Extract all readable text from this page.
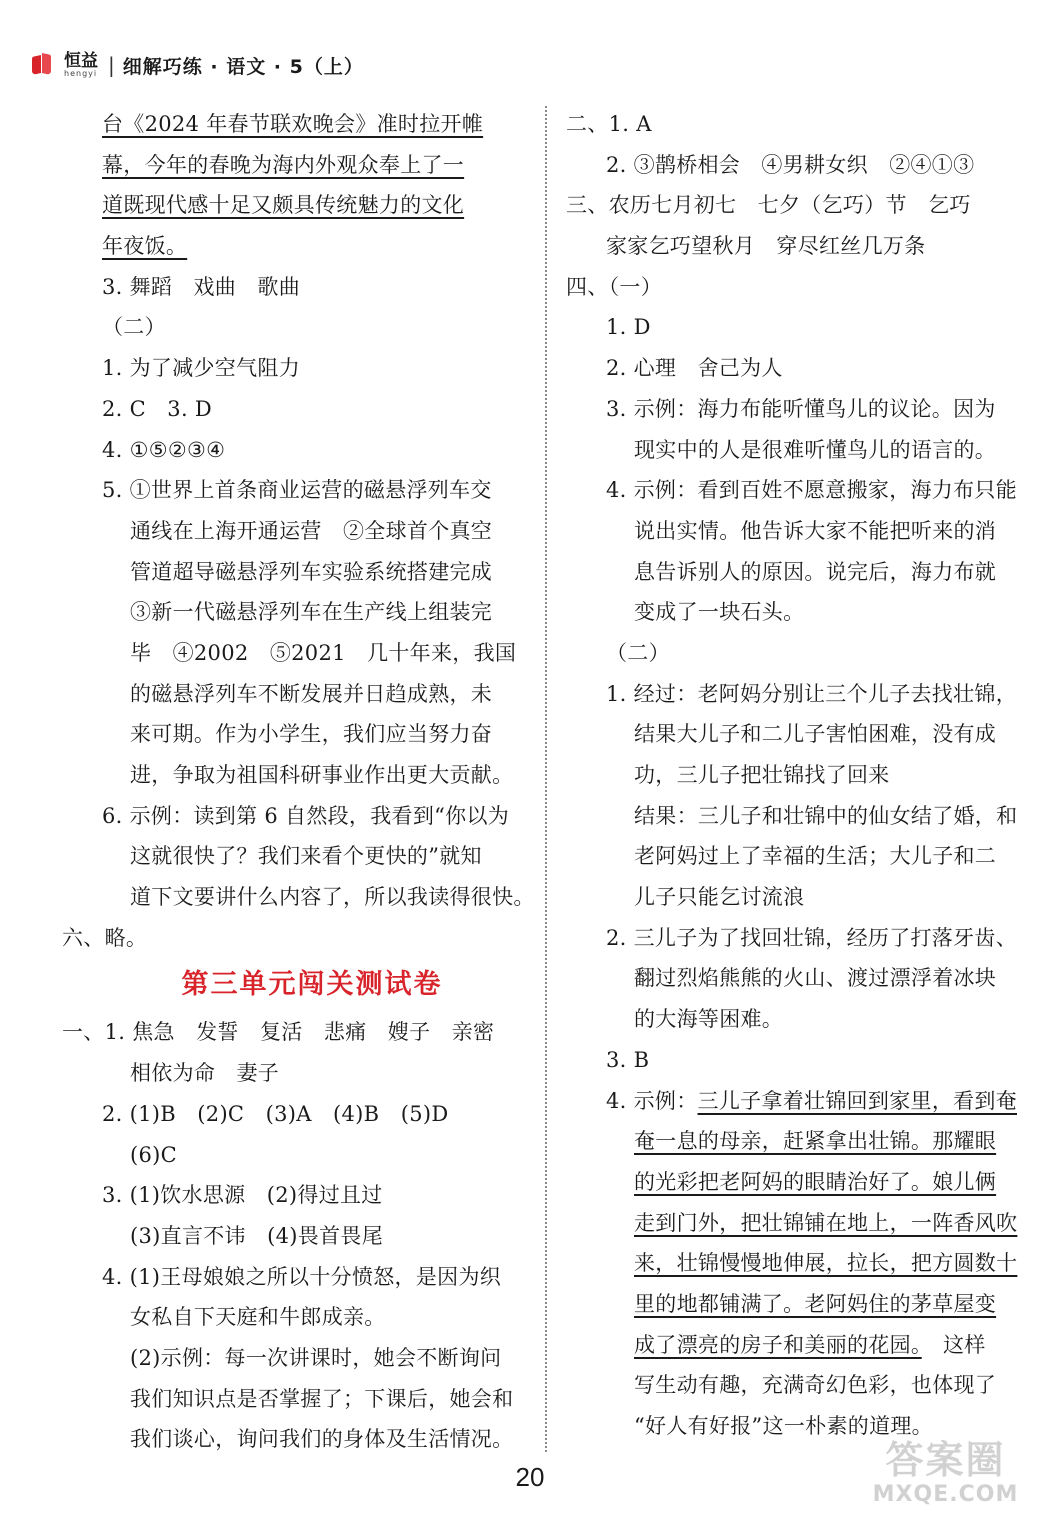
恒益
hengyi | 细解巧练 · 语文 · 5（上）
台《2024 年春节联欢晚会》准时拉开帷
幕，今年的春晚为海内外观众奉上了一
道既现代感十足又颇具传统魅力的文化
年夜饭。
3. 舞蹈　戏曲　歌曲
（二）
1. 为了减少空气阻力
2. C　3. D
4. ①⑤②③④
5. ①世界上首条商业运营的磁悬浮列车交
通线在上海开通运营　②全球首个真空
管道超导磁悬浮列车实验系统搭建完成
③新一代磁悬浮列车在生产线上组装完
毕　④2002　⑤2021　几十年来，我国
的磁悬浮列车不断发展并日趋成熟，未
来可期。作为小学生，我们应当努力奋
进，争取为祖国科研事业作出更大贡献。
6. 示例：读到第 6 自然段，我看到“你以为
这就很快了？我们来看个更快的”就知
道下文要讲什么内容了，所以我读得很快。
六、略。
第三单元闯关测试卷
一、1. 焦急　发誓　复活　悲痛　嫂子　亲密
相依为命　妻子
2. (1)B　(2)C　(3)A　(4)B　(5)D
(6)C
3. (1)饮水思源　(2)得过且过
(3)直言不讳　(4)畏首畏尾
4. (1)王母娘娘之所以十分愤怒，是因为织
女私自下天庭和牛郎成亲。
(2)示例：每一次讲课时，她会不断询问
我们知识点是否掌握了；下课后，她会和
我们谈心，询问我们的身体及生活情况。
二、1. A
2. ③鹊桥相会　④男耕女织　②④①③
三、农历七月初七　七夕（乞巧）节　乞巧
家家乞巧望秋月　穿尽红丝几万条
四、（一）
1. D
2. 心理　舍己为人
3. 示例：海力布能听懂鸟儿的议论。因为
现实中的人是很难听懂鸟儿的语言的。
4. 示例：看到百姓不愿意搬家，海力布只能
说出实情。他告诉大家不能把听来的消
息告诉别人的原因。说完后，海力布就
变成了一块石头。
（二）
1. 经过：老阿妈分别让三个儿子去找壮锦，
结果大儿子和二儿子害怕困难，没有成
功，三儿子把壮锦找了回来
结果：三儿子和壮锦中的仙女结了婚，和
老阿妈过上了幸福的生活；大儿子和二
儿子只能乞讨流浪
2. 三儿子为了找回壮锦，经历了打落牙齿、
翻过烈焰熊熊的火山、渡过漂浮着冰块
的大海等困难。
3. B
4. 示例：三儿子拿着壮锦回到家里，看到奄
奄一息的母亲，赶紧拿出壮锦。那耀眼
的光彩把老阿妈的眼睛治好了。娘儿俩
走到门外，把壮锦铺在地上，一阵香风吹
来，壮锦慢慢地伸展，拉长，把方圆数十
里的地都铺满了。老阿妈住的茅草屋变
成了漂亮的房子和美丽的花园。　这样
写生动有趣，充满奇幻色彩，也体现了
“好人有好报”这一朴素的道理。
20	答案圈
MXQE.COM
